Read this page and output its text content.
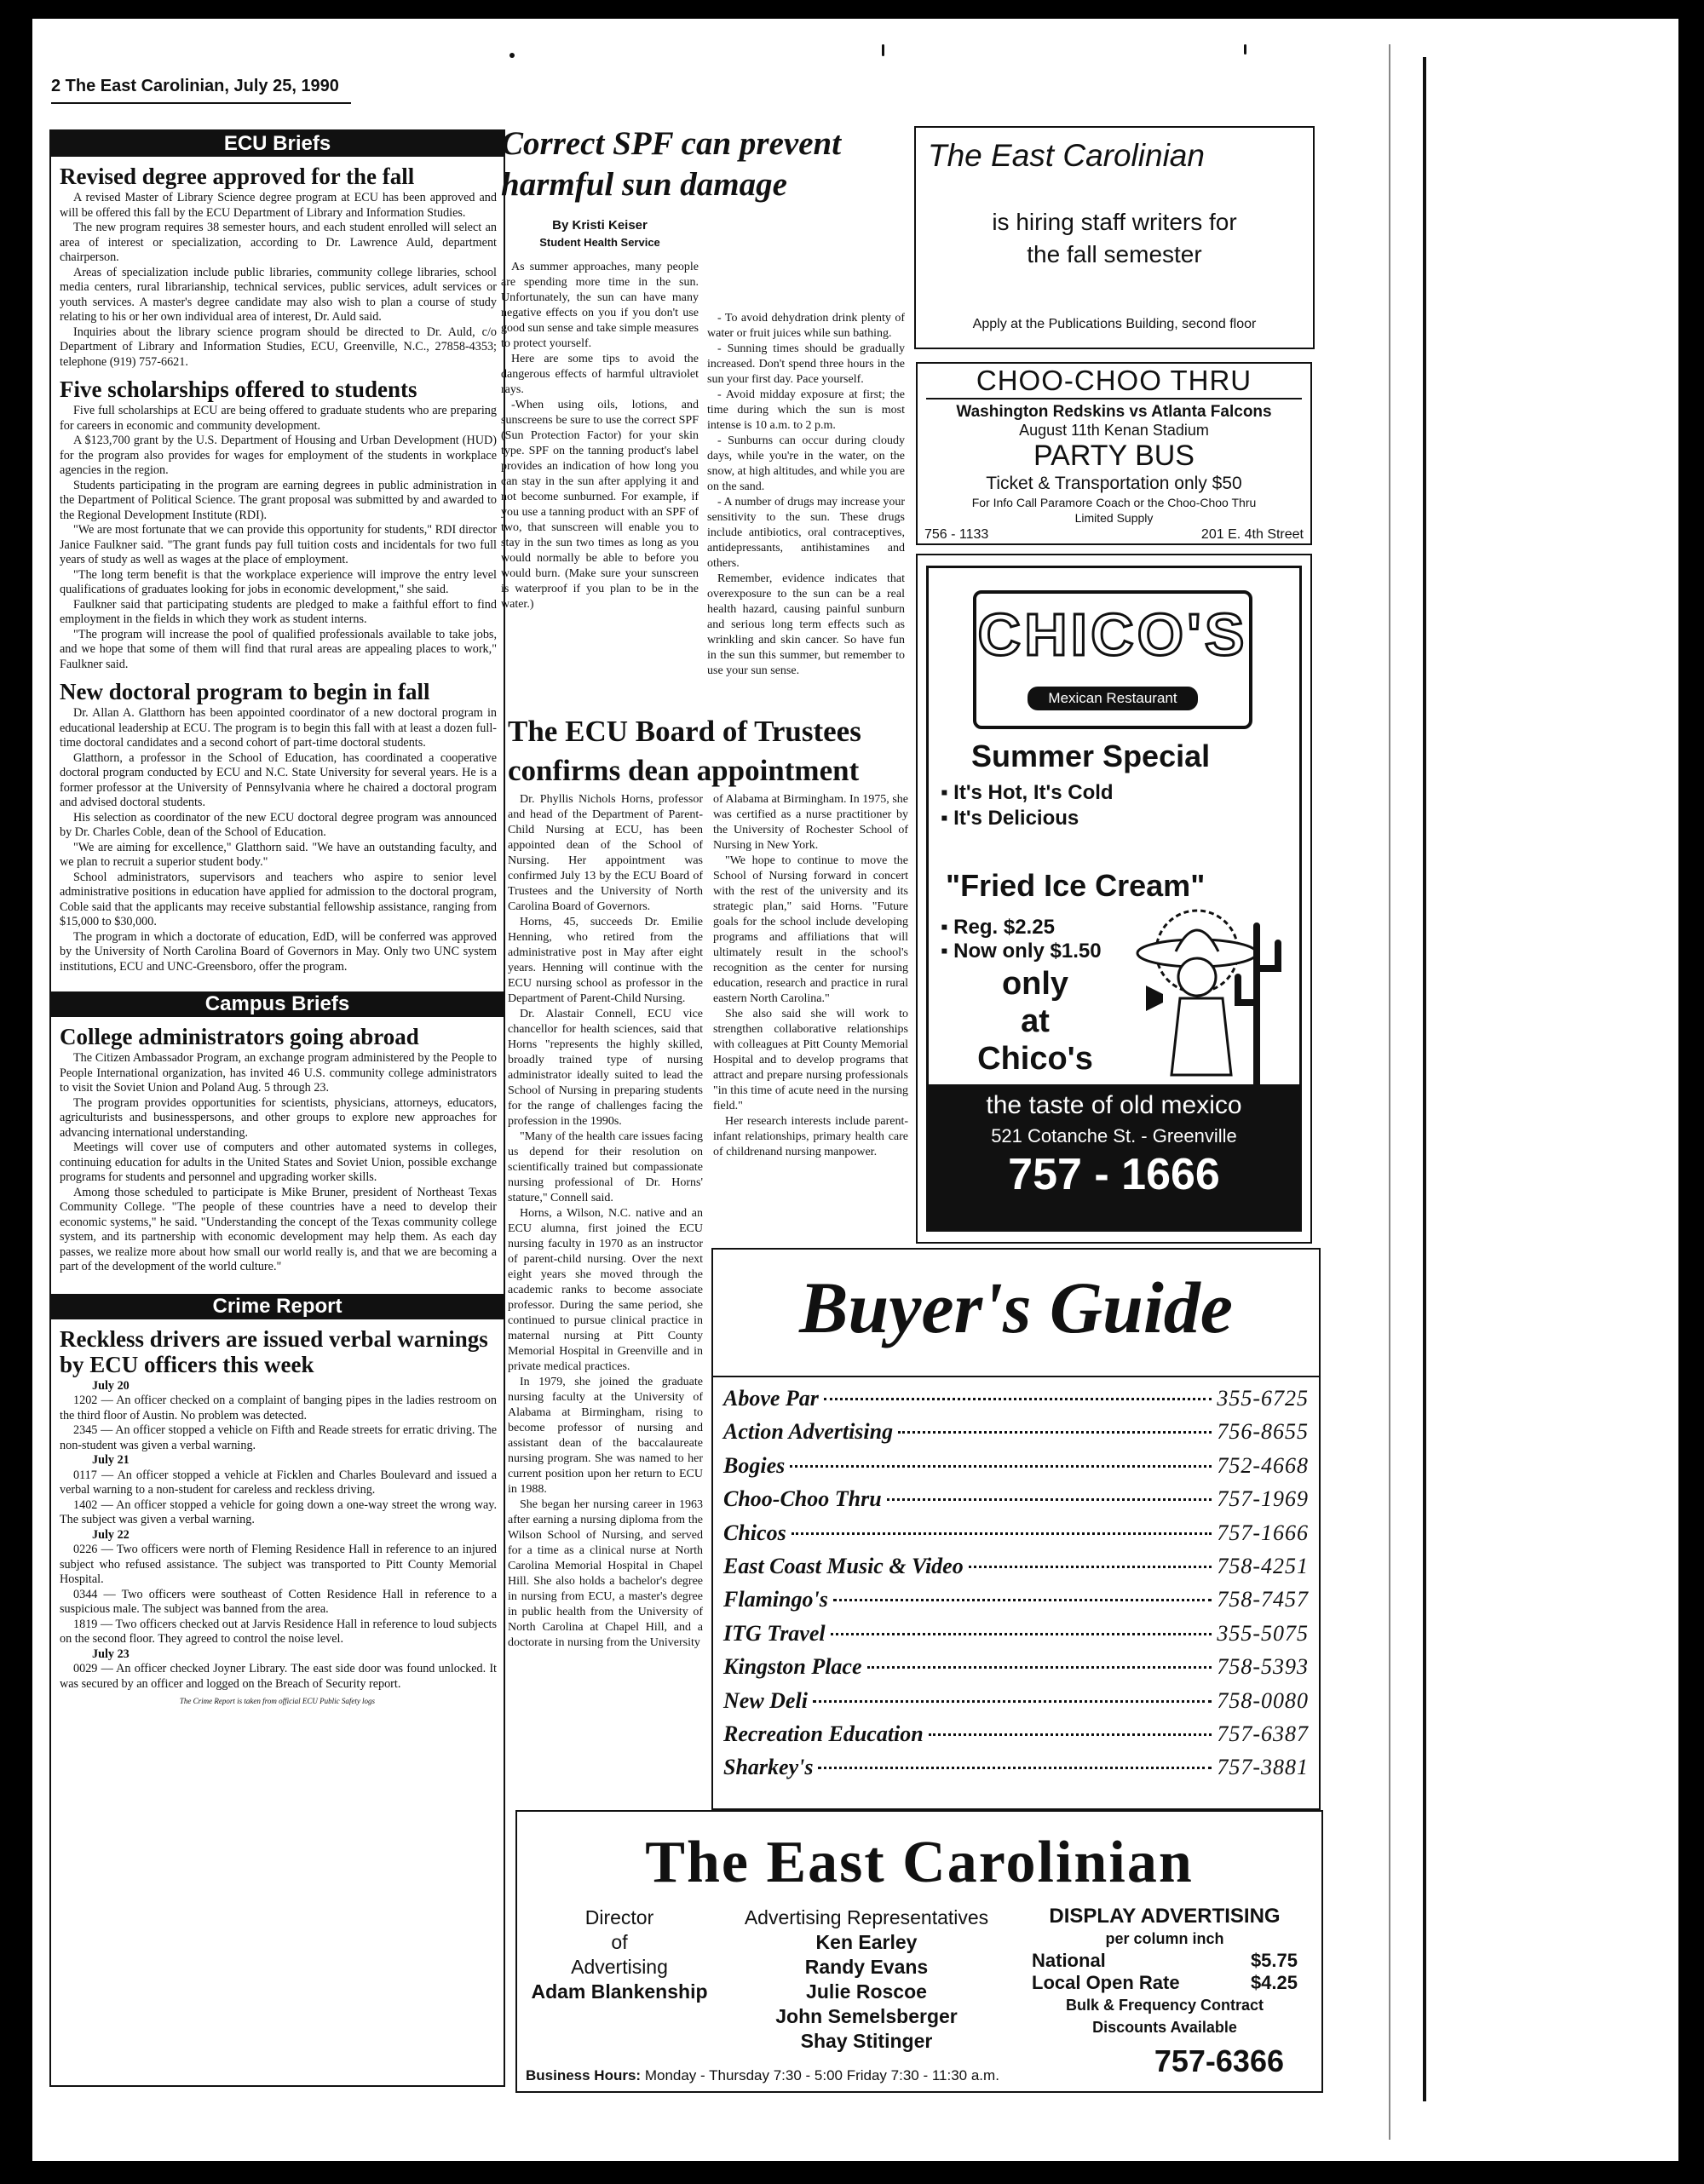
2 The East Carolinian, July 25, 1990
ECU Briefs
Revised degree approved for the fall

A revised Master of Library Science degree program at ECU has been approved and will be offered this fall by the ECU Department of Library and Information Studies.

The new program requires 38 semester hours, and each student enrolled will select an area of interest or specialization, according to Dr. Lawrence Auld, department chairperson.

Areas of specialization include public libraries, community college libraries, school media centers, rural librarianship, technical services, public services, adult services or youth services. A master's degree candidate may also wish to plan a course of study relating to his or her own individual area of interest, Dr. Auld said.

Inquiries about the library science program should be directed to Dr. Auld, c/o Department of Library and Information Studies, ECU, Greenville, N.C., 27858-4353; telephone (919) 757-6621.

Five scholarships offered to students

Five full scholarships at ECU are being offered to graduate students who are preparing for careers in economic and community development.

A $123,700 grant by the U.S. Department of Housing and Urban Development (HUD) for the program also provides for wages for employment of the students in workplace agencies in the region.

Students participating in the program are earning degrees in public administration in the Department of Political Science. The grant proposal was submitted by and awarded to the Regional Development Institute (RDI).

"We are most fortunate that we can provide this opportunity for students," RDI director Janice Faulkner said. "The grant funds pay full tuition costs and incidentals for two full years of study as well as wages at the place of employment.

"The long term benefit is that the workplace experience will improve the entry level qualifications of graduates looking for jobs in economic development," she said.

Faulkner said that participating students are pledged to make a faithful effort to find employment in the fields in which they work as student interns.

"The program will increase the pool of qualified professionals available to take jobs, and we hope that some of them will find that rural areas are appealing places to work," Faulkner said.

New doctoral program to begin in fall

Dr. Allan A. Glatthorn has been appointed coordinator of a new doctoral program in educational leadership at ECU. The program is to begin this fall with at least a dozen full-time doctoral candidates and a second cohort of part-time doctoral students.

Glatthorn, a professor in the School of Education, has coordinated a cooperative doctoral program conducted by ECU and N.C. State University for several years. He is a former professor at the University of Pennsylvania where he chaired a doctoral program and advised doctoral students.

His selection as coordinator of the new ECU doctoral degree program was announced by Dr. Charles Coble, dean of the School of Education.

"We are aiming for excellence," Glatthorn said. "We have an outstanding faculty, and we plan to recruit a superior student body."

School administrators, supervisors and teachers who aspire to senior level administrative positions in education have applied for admission to the doctoral program, Coble said that the applicants may receive substantial fellowship assistance, ranging from $15,000 to $30,000.

The program in which a doctorate of education, EdD, will be conferred was approved by the University of North Carolina Board of Governors in May. Only two UNC system institutions, ECU and UNC-Greensboro, offer the program.

Campus Briefs
College administrators going abroad

The Citizen Ambassador Program, an exchange program administered by the People to People International organization, has invited 46 U.S. community college administrators to visit the Soviet Union and Poland Aug. 5 through 23.

The program provides opportunities for scientists, physicians, attorneys, educators, agriculturists and businesspersons, and other groups to explore new approaches for advancing international understanding.

Meetings will cover use of computers and other automated systems in colleges, continuing education for adults in the United States and Soviet Union, possible exchange programs for students and personnel and upgrading worker skills.

Among those scheduled to participate is Mike Bruner, president of Northeast Texas Community College. "The people of these countries have a need to develop their economic systems," he said. "Understanding the concept of the Texas community college system, and its partnership with economic development may help them. As each day passes, we realize more about how small our world really is, and that we are becoming a part of the development of the world culture."

Crime Report
Reckless drivers are issued verbal warnings by ECU officers this week

July 20

1202 — An officer checked on a complaint of banging pipes in the ladies restroom on the third floor of Austin. No problem was detected.

2345 — An officer stopped a vehicle on Fifth and Reade streets for erratic driving. The non-student was given a verbal warning.

July 21

0117 — An officer stopped a vehicle at Ficklen and Charles Boulevard and issued a verbal warning to a non-student for careless and reckless driving.

1402 — An officer stopped a vehicle for going down a one-way street the wrong way. The subject was given a verbal warning.

July 22

0226 — Two officers were north of Fleming Residence Hall in reference to an injured subject who refused assistance. The subject was transported to Pitt County Memorial Hospital.

0344 — Two officers were southeast of Cotten Residence Hall in reference to a suspicious male. The subject was banned from the area.

1819 — Two officers checked out at Jarvis Residence Hall in reference to loud subjects on the second floor. They agreed to control the noise level.

July 23

0029 — An officer checked Joyner Library. The east side door was found unlocked. It was secured by an officer and logged on the Breach of Security report.

The Crime Report is taken from official ECU Public Safety logs
Correct SPF can prevent harmful sun damage
By Kristi Keiser
Student Health Service

As summer approaches, many people are spending more time in the sun. Unfortunately, the sun can have many negative effects on you if you don't use good sun sense and take simple measures to protect yourself.

Here are some tips to avoid the dangerous effects of harmful ultraviolet rays.

-When using oils, lotions, and sunscreens be sure to use the correct SPF (Sun Protection Factor) for your skin type. SPF on the tanning product's label provides an indication of how long you can stay in the sun after applying it and not become sunburned. For example, if you use a tanning product with an SPF of two, that sunscreen will enable you to stay in the sun two times as long as you would normally be able to before you would burn. (Make sure your sunscreen is waterproof if you plan to be in the water.)

- To avoid dehydration drink plenty of water or fruit juices while sun bathing.

- Sunning times should be gradually increased. Don't spend three hours in the sun your first day. Pace yourself.

- Avoid midday exposure at first; the time during which the sun is most intense is 10 a.m. to 2 p.m.

- Sunburns can occur during cloudy days, while you're in the water, on the snow, at high altitudes, and while you are on the sand.

- A number of drugs may increase your sensitivity to the sun. These drugs include antibiotics, oral contraceptives, antidepressants, antihistamines and others.

Remember, evidence indicates that overexposure to the sun can be a real health hazard, causing painful sunburn and serious long term effects such as wrinkling and skin cancer. So have fun in the sun this summer, but remember to use your sun sense.

The ECU Board of Trustees confirms dean appointment

Dr. Phyllis Nichols Horns, professor and head of the Department of Parent-Child Nursing at ECU, has been appointed dean of the School of Nursing. Her appointment was confirmed July 13 by the ECU Board of Trustees and the University of North Carolina Board of Governors.

Horns, 45, succeeds Dr. Emilie Henning, who retired from the administrative post in May after eight years. Henning will continue with the ECU nursing school as professor in the Department of Parent-Child Nursing.

Dr. Alastair Connell, ECU vice chancellor for health sciences, said that Horns "represents the highly skilled, broadly trained type of nursing administrator ideally suited to lead the School of Nursing in preparing students for the range of challenges facing the profession in the 1990s.

"Many of the health care issues facing us depend for their resolution on scientifically trained but compassionate nursing professional of Dr. Horns' stature," Connell said.

Horns, a Wilson, N.C. native and an ECU alumna, first joined the ECU nursing faculty in 1970 as an instructor of parent-child nursing. Over the next eight years she moved through the academic ranks to become associate professor. During the same period, she continued to pursue clinical practice in maternal nursing at Pitt County Memorial Hospital in Greenville and in private medical practices.

In 1979, she joined the graduate nursing faculty at the University of Alabama at Birmingham, rising to become professor of nursing and assistant dean of the baccalaureate nursing program. She was named to her current position upon her return to ECU in 1988.

She began her nursing career in 1963 after earning a nursing diploma from the Wilson School of Nursing, and served for a time as a clinical nurse at North Carolina Memorial Hospital in Chapel Hill. She also holds a bachelor's degree in nursing from ECU, a master's degree in public health from the University of North Carolina at Chapel Hill, and a doctorate in nursing from the University

of Alabama at Birmingham. In 1975, she was certified as a nurse practitioner by the University of Rochester School of Nursing in New York.

"We hope to continue to move the School of Nursing forward in concert with the rest of the university and its strategic plan," said Horns. "Future goals for the school include developing programs and affiliations that will ultimately result in the school's recognition as the center for nursing education, research and practice in rural eastern North Carolina."

She also said she will work to strengthen collaborative relationships with colleagues at Pitt County Memorial Hospital and to develop programs that attract and prepare nursing professionals "in this time of acute need in the nursing field."

Her research interests include parent-infant relationships, primary health care of childrenand nursing manpower.

The East Carolinian
is hiring staff writers for
the fall semester
Apply at the Publications Building, second floor
CHOO-CHOO THRU
Washington Redskins vs Atlanta Falcons
August 11th Kenan Stadium
PARTY BUS
Ticket & Transportation only $50
For Info Call Paramore Coach or the Choo-Choo Thru
Limited Supply
756 - 1133	201 E. 4th Street
CHICO'S
Mexican Restaurant
Summer Special
▪ It's Hot, It's Cold
▪ It's Delicious
"Fried Ice Cream"
▪ Reg. $2.25
▪ Now only $1.50
only
at
Chico's
the taste of old mexico
521 Cotanche St. - Greenville
757 - 1666
Buyer's Guide
Above Par	355-6725
Action Advertising	756-8655
Bogies	752-4668
Choo-Choo Thru	757-1969
Chicos	757-1666
East Coast Music & Video	758-4251
Flamingo's	758-7457
ITG Travel	355-5075
Kingston Place	758-5393
New Deli	758-0080
Recreation Education	757-6387
Sharkey's	757-3881
The East Carolinian
Director
of
Advertising
Adam Blankenship
Advertising Representatives
Ken Earley
Randy Evans
Julie Roscoe
John Semelsberger
Shay Stitinger
DISPLAY ADVERTISING
per column inch
National	$5.75
Local Open Rate	$4.25
Bulk & Frequency Contract
Discounts Available
757-6366
Business Hours: Monday - Thursday 7:30 - 5:00 Friday 7:30 - 11:30 a.m.
